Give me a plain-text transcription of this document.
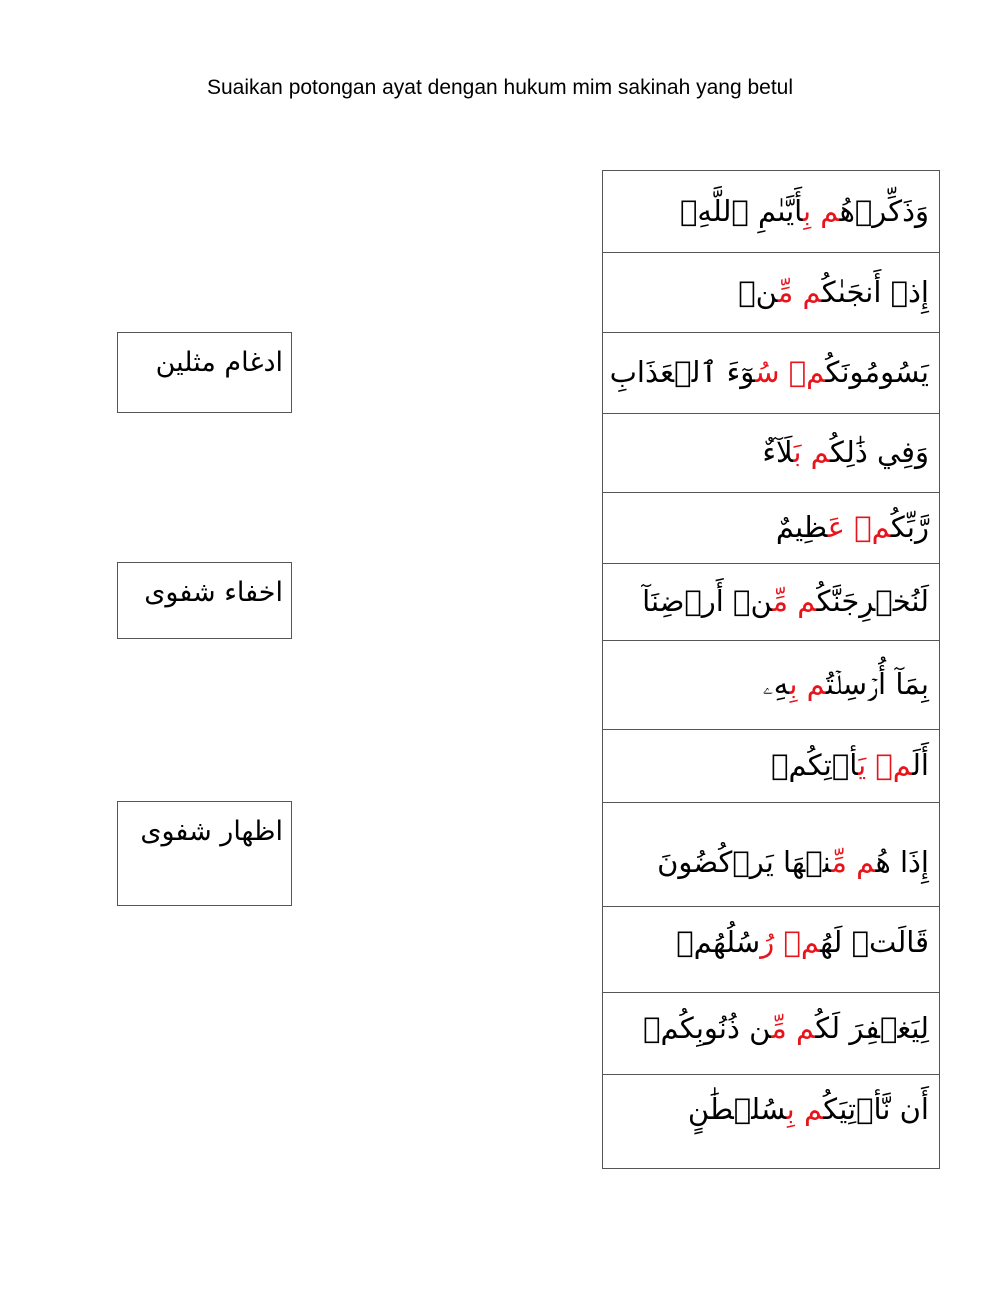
Suaikan potongan ayat dengan hukum mim sakinah yang betul
ادغام مثلين
اخفاء شفوى
اظهار شفوى
وَذَكِّرۡهُم بِأَيَّىٰمِ ٱللَّهِۚ
إِذۡ أَنجَىٰكُم مِّنۡ
يَسُومُونَكُمۡ سُوٓءَ ٱلۡعَذَابِ
وَفِي ذَٰلِكُم بَلَآءٌ
رَّبِّكُمۡ عَظِيمٌ
لَنُخۡرِجَنَّكُم مِّنۡ أَرۡضِنَآ
بِمَآ أُرۡسِلۡتُم بِهِۦ
أَلَمۡ يَأۡتِكُمۡ
إِذَا هُم مِّنۡهَا يَرۡكُضُونَ
قَالَتۡ لَهُمۡ رُسُلُهُمۡ
لِيَغۡفِرَ لَكُم مِّن ذُنُوبِكُمۡ
أَن نَّأۡتِيَكُم بِسُلۡطَٰنٍ
